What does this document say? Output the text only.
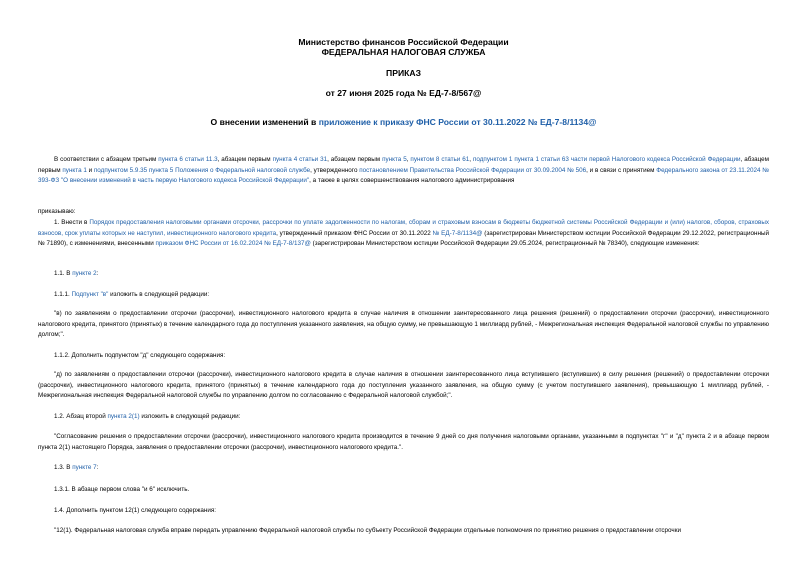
Министерство финансов Российской Федерации
ФЕДЕРАЛЬНАЯ НАЛОГОВАЯ СЛУЖБА
ПРИКАЗ
от 27 июня 2025 года № ЕД-7-8/567@
О внесении изменений в приложение к приказу ФНС России от 30.11.2022 № ЕД-7-8/1134@
В соответствии с абзацем третьим пункта 6 статьи 11.3, абзацем первым пункта 4 статьи 31, абзацем первым пункта 5, пунктом 8 статьи 61, подпунктом 1 пункта 1 статьи 63 части первой Налогового кодекса Российской Федерации, абзацем первым пункта 1 и подпунктом 5.9.35 пункта 5 Положения о Федеральной налоговой службе, утвержденного постановлением Правительства Российской Федерации от 30.09.2004 № 506, и в связи с принятием Федерального закона от 23.11.2024 № 393-ФЗ "О внесении изменений в часть первую Налогового кодекса Российской Федерации", а также в целях совершенствования налогового администрирования
приказываю:
1. Внести в Порядок предоставления налоговыми органами отсрочки, рассрочки по уплате задолженности по налогам, сборам и страховым взносам в бюджеты бюджетной системы Российской Федерации и (или) налогов, сборов, страховых взносов, срок уплаты которых не наступил, инвестиционного налогового кредита, утвержденный приказом ФНС России от 30.11.2022 № ЕД-7-8/1134@ (зарегистрирован Министерством юстиции Российской Федерации 29.12.2022, регистрационный № 71890), с изменениями, внесенными приказом ФНС России от 16.02.2024 № ЕД-7-8/137@ (зарегистрирован Министерством юстиции Российской Федерации 29.05.2024, регистрационный № 78340), следующие изменения:
1.1. В пункте 2:
1.1.1. Подпункт "в" изложить в следующей редакции:
"в) по заявлениям о предоставлении отсрочки (рассрочки), инвестиционного налогового кредита в случае наличия в отношении заинтересованного лица решения (решений) о предоставлении отсрочки (рассрочки), инвестиционного налогового кредита, принятого (принятых) в течение календарного года до поступления указанного заявления, на общую сумму, не превышающую 1 миллиард рублей, - Межрегиональная инспекция Федеральной налоговой службы по управлению долгом;".
1.1.2. Дополнить подпунктом "д" следующего содержания:
"д) по заявлениям о предоставлении отсрочки (рассрочки), инвестиционного налогового кредита в случае наличия в отношении заинтересованного лица вступившего (вступивших) в силу решения (решений) о предоставлении отсрочки (рассрочки), инвестиционного налогового кредита, принятого (принятых) в течение календарного года до поступления указанного заявления, на общую сумму (с учетом поступившего заявления), превышающую 1 миллиард рублей, - Межрегиональная инспекция Федеральной налоговой службы по управлению долгом по согласованию с Федеральной налоговой службой;".
1.2. Абзац второй пункта 2(1) изложить в следующей редакции:
"Согласование решения о предоставлении отсрочки (рассрочки), инвестиционного налогового кредита производится в течение 9 дней со дня получения налоговыми органами, указанными в подпунктах "г" и "д" пункта 2 и в абзаце первом пункта 2(1) настоящего Порядка, заявления о предоставлении отсрочки (рассрочки), инвестиционного налогового кредита.".
1.3. В пункте 7:
1.3.1. В абзаце первом слова "и 6" исключить.
1.4. Дополнить пунктом 12(1) следующего содержания:
"12(1). Федеральная налоговая служба вправе передать управлению Федеральной налоговой службы по субъекту Российской Федерации отдельные полномочия по принятию решения о предоставлении отсрочки
